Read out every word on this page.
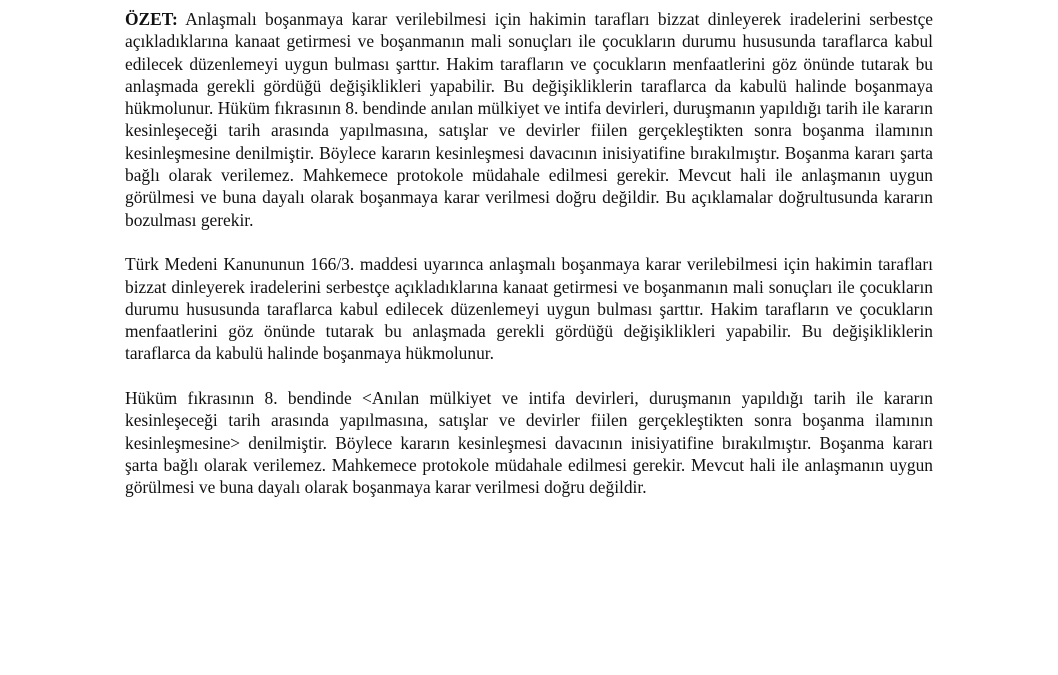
ÖZET: Anlaşmalı boşanmaya karar verilebilmesi için hakimin tarafları bizzat dinleyerek iradelerini serbestçe açıkladıklarına kanaat getirmesi ve boşanmanın mali sonuçları ile çocukların durumu hususunda taraflarca kabul edilecek düzenlemeyi uygun bulması şarttır. Hakim tarafların ve çocukların menfaatlerini göz önünde tutarak bu anlaşmada gerekli gördüğü değişiklikleri yapabilir. Bu değişikliklerin taraflarca da kabulü halinde boşanmaya hükmolunur. Hüküm fıkrasının 8. bendinde anılan mülkiyet ve intifa devirleri, duruşmanın yapıldığı tarih ile kararın kesinleşeceği tarih arasında yapılmasına, satışlar ve devirler fiilen gerçekleştikten sonra boşanma ilamının kesinleşmesine denilmiştir. Böylece kararın kesinleşmesi davacının inisiyatifine bırakılmıştır. Boşanma kararı şarta bağlı olarak verilemez. Mahkemece protokole müdahale edilmesi gerekir. Mevcut hali ile anlaşmanın uygun görülmesi ve buna dayalı olarak boşanmaya karar verilmesi doğru değildir. Bu açıklamalar doğrultusunda kararın bozulması gerekir.

Türk Medeni Kanununun 166/3. maddesi uyarınca anlaşmalı boşanmaya karar verilebilmesi için hakimin tarafları bizzat dinleyerek iradelerini serbestçe açıkladıklarına kanaat getirmesi ve boşanmanın mali sonuçları ile çocukların durumu hususunda taraflarca kabul edilecek düzenlemeyi uygun bulması şarttır. Hakim tarafların ve çocukların menfaatlerini göz önünde tutarak bu anlaşmada gerekli gördüğü değişiklikleri yapabilir. Bu değişikliklerin taraflarca da kabulü halinde boşanmaya hükmolunur.

Hüküm fıkrasının 8. bendinde <Anılan mülkiyet ve intifa devirleri, duruşmanın yapıldığı tarih ile kararın kesinleşeceği tarih arasında yapılmasına, satışlar ve devirler fiilen gerçekleştikten sonra boşanma ilamının kesinleşmesine> denilmiştir. Böylece kararın kesinleşmesi davacının inisiyatifine bırakılmıştır. Boşanma kararı şarta bağlı olarak verilemez. Mahkemece protokole müdahale edilmesi gerekir. Mevcut hali ile anlaşmanın uygun görülmesi ve buna dayalı olarak boşanmaya karar verilmesi doğru değildir.
